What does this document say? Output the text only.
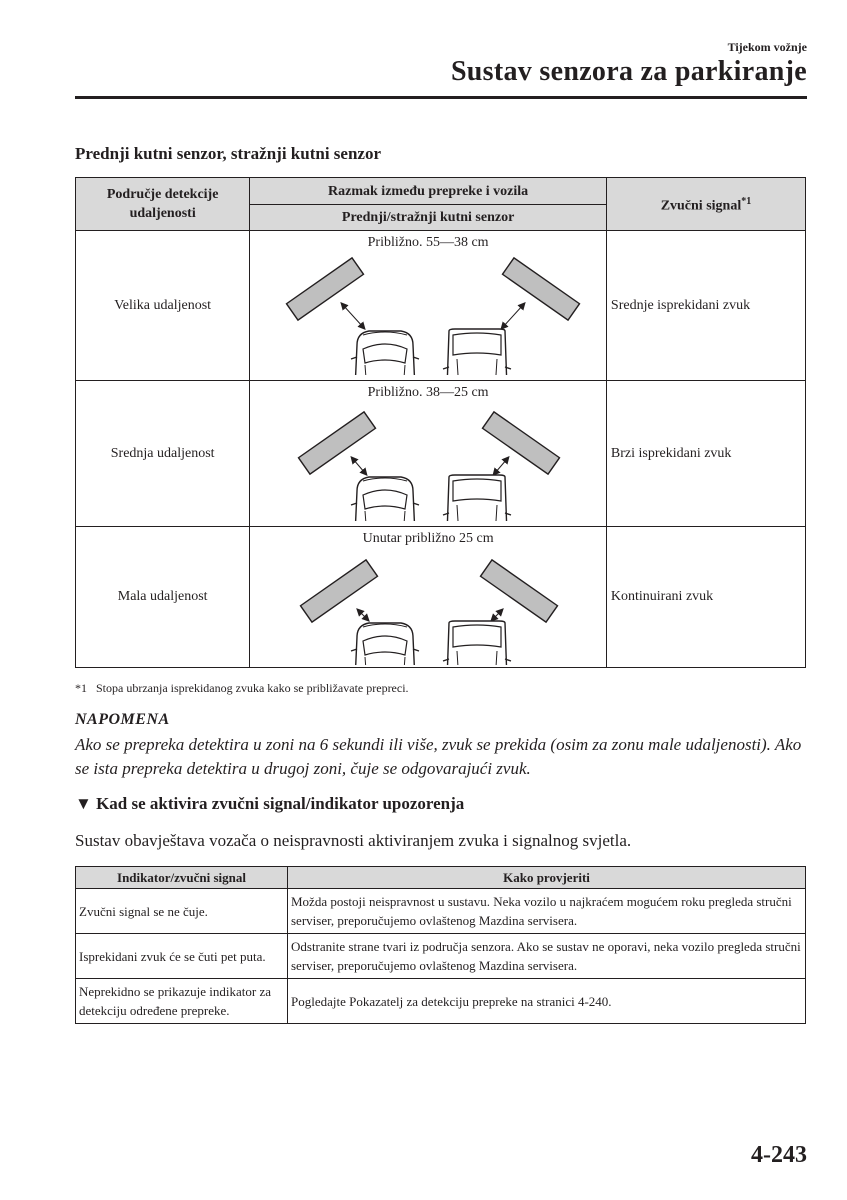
Tijekom vožnje
Sustav senzora za parkiranje
Prednji kutni senzor, stražnji kutni senzor
Područje detekcije udaljenosti	Razmak između prepreke i vozila	Zvučni signal$^{*1}$
	Prednji/stražnji kutni senzor	
Velika udaljenost	Približno. 55—38 cm	Srednje isprekidani zvuk
Srednja udaljenost	Približno. 38—25 cm	Brzi isprekidani zvuk
Mala udaljenost	Unutar približno 25 cm	Kontinuirani zvuk
*1 Stopa ubrzanja isprekidanog zvuka kako se približavate prepreci.
NAPOMENA
Ako se prepreka detektira u zoni na 6 sekundi ili više, zvuk se prekida (osim za zonu male udaljenosti). Ako se ista prepreka detektira u drugoj zoni, čuje se odgovarajući zvuk.
▼ Kad se aktivira zvučni signal/indikator upozorenja
Sustav obavještava vozača o neispravnosti aktiviranjem zvuka i signalnog svjetla.
Indikator/zvučni signal	Kako provjeriti
Zvučni signal se ne čuje.	Možda postoji neispravnost u sustavu. Neka vozilo u najkraćem mogućem roku pregleda stručni serviser, preporučujemo ovlaštenog Mazdina servisera.
Isprekidani zvuk će se čuti pet puta.	Odstranite strane tvari iz područja senzora. Ako se sustav ne oporavi, neka vozilo pregleda stručni serviser, preporučujemo ovlaštenog Mazdina servisera.
Neprekidno se prikazuje indikator za detekciju određene prepreke.	Pogledajte Pokazatelj za detekciju prepreke na stranici 4-240.
4-243
